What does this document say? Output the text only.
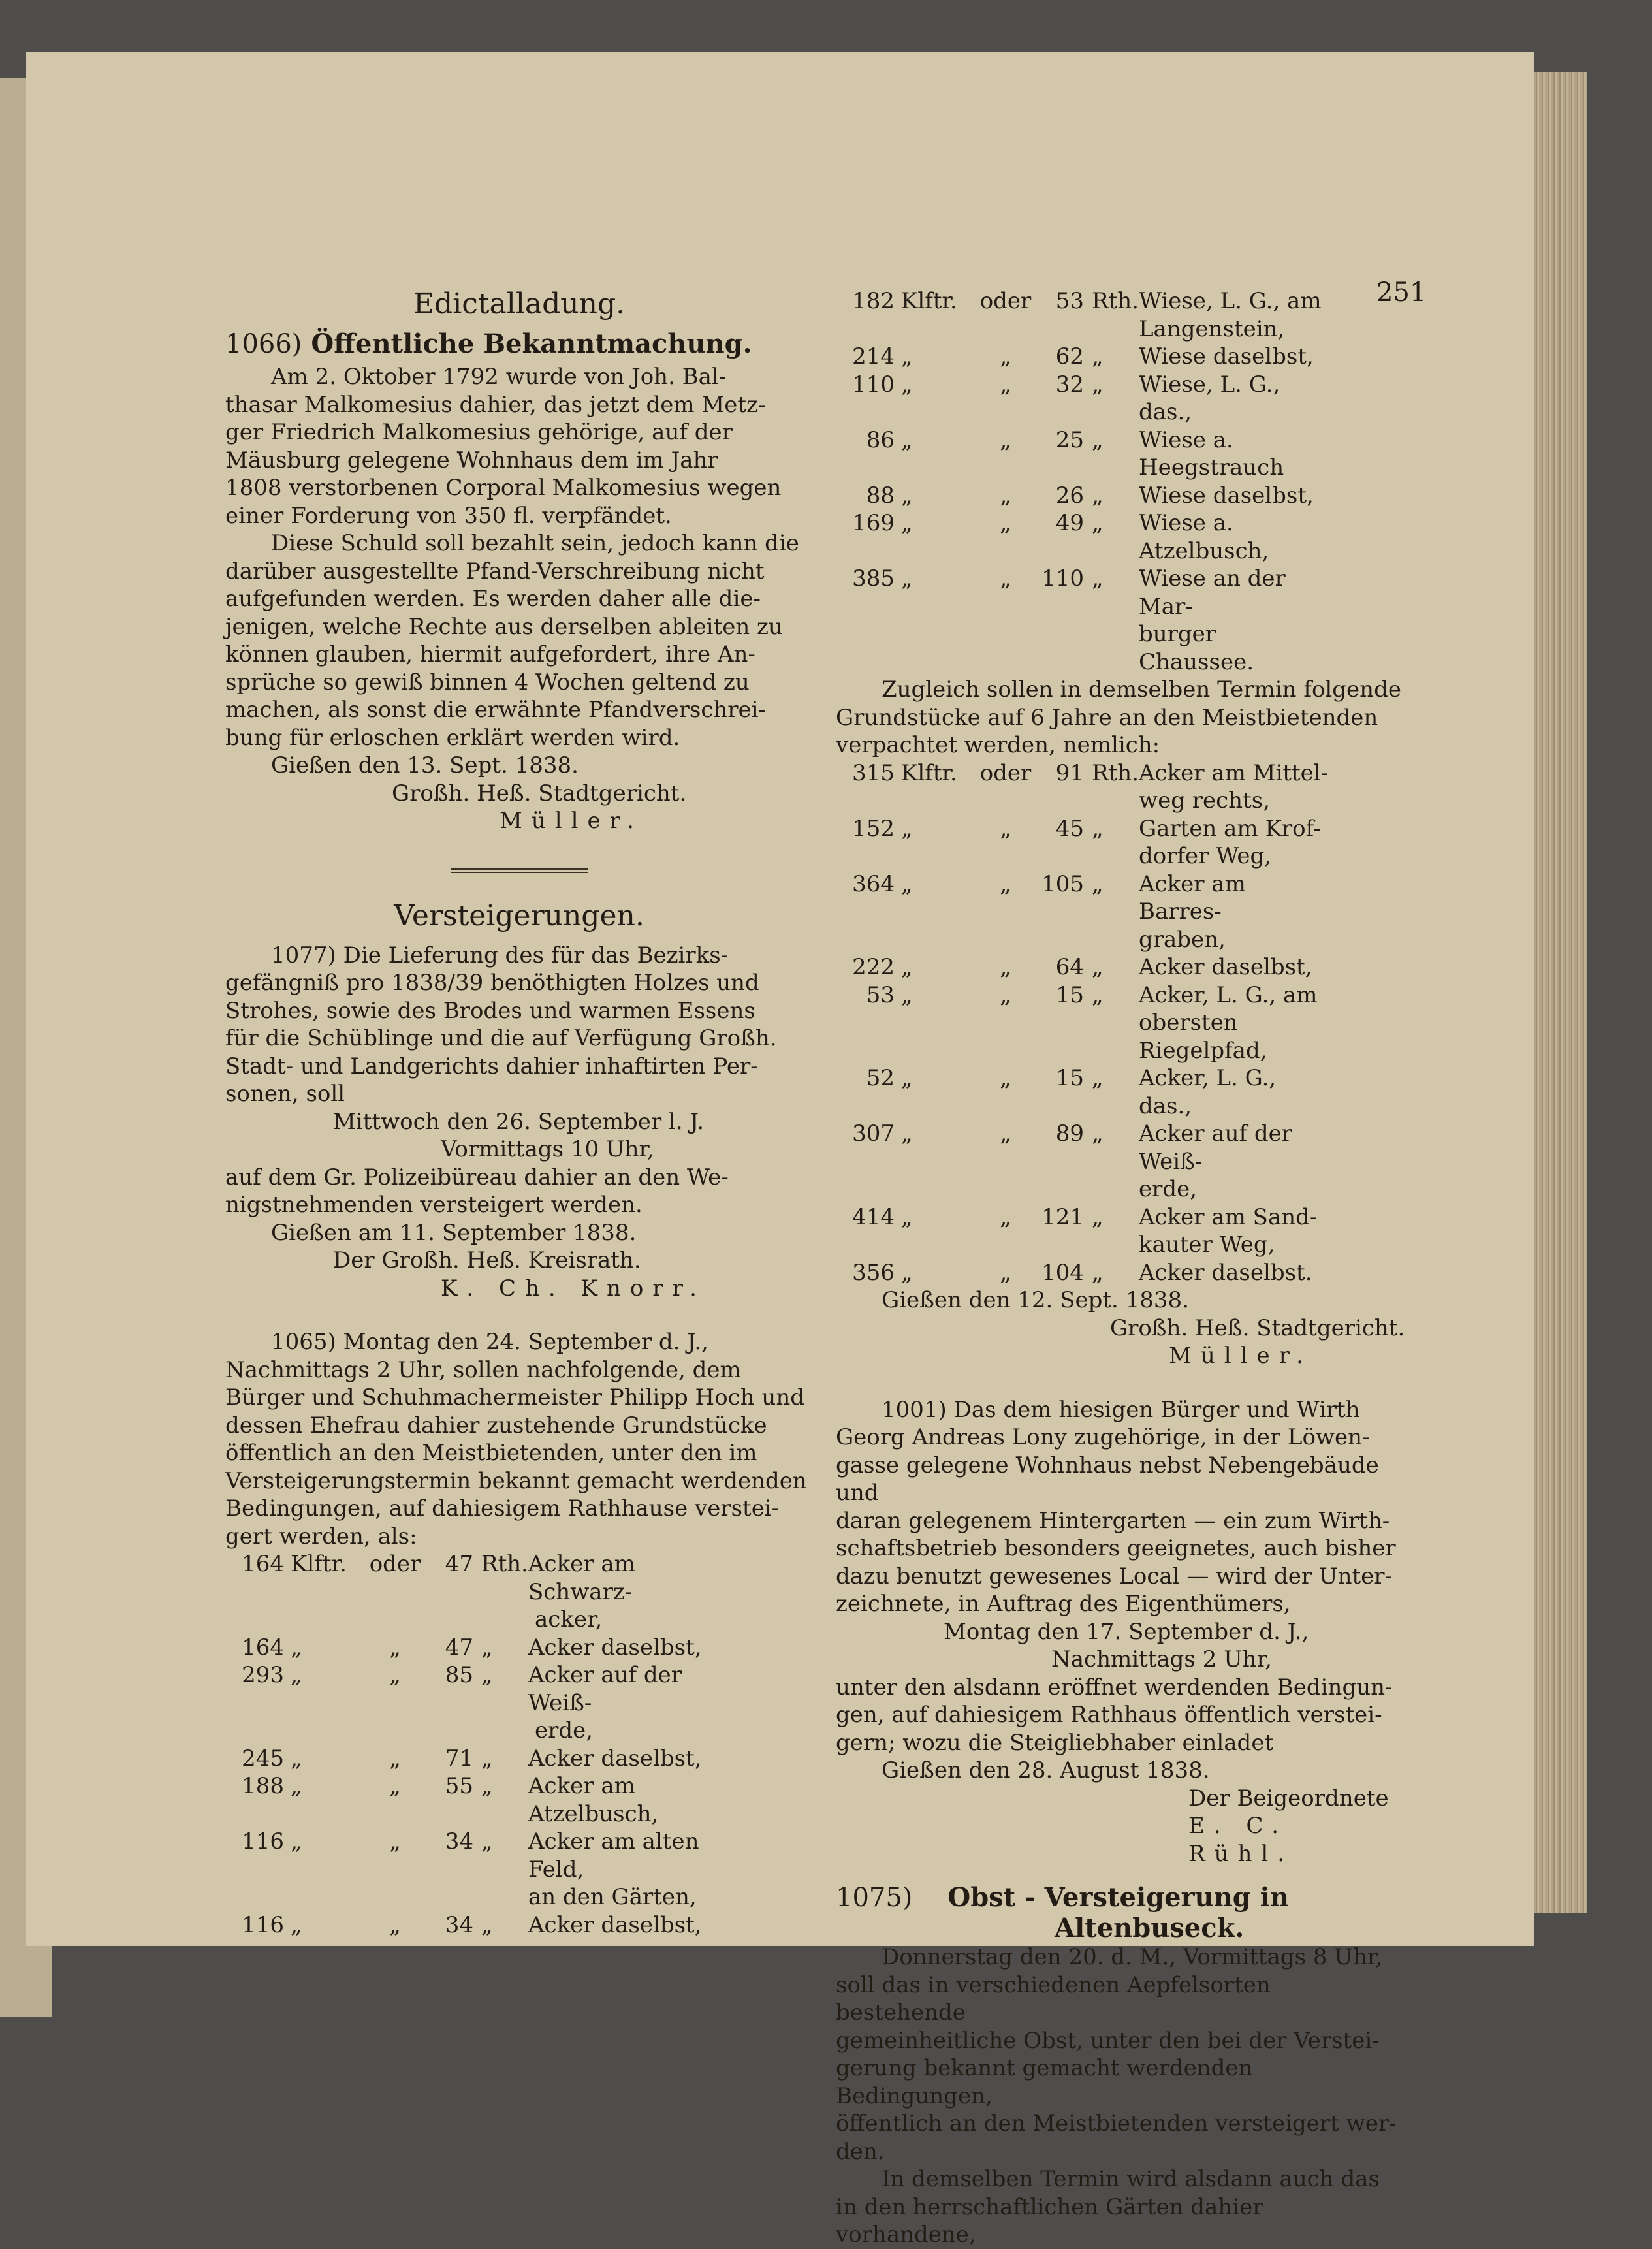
251
Edictalladung.
1066) Öffentliche Bekanntmachung.

Am 2. Oktober 1792 wurde von Joh. Bal-

thasar Malkomesius dahier, das jetzt dem Metz-

ger Friedrich Malkomesius gehörige, auf der

Mäusburg gelegene Wohnhaus dem im Jahr

1808 verstorbenen Corporal Malkomesius wegen

einer Forderung von 350 fl. verpfändet.

Diese Schuld soll bezahlt sein, jedoch kann die

darüber ausgestellte Pfand-Verschreibung nicht

aufgefunden werden. Es werden daher alle die-

jenigen, welche Rechte aus derselben ableiten zu

können glauben, hiermit aufgefordert, ihre An-

sprüche so gewiß binnen 4 Wochen geltend zu

machen, als sonst die erwähnte Pfandverschrei-

bung für erloschen erklärt werden wird.

Gießen den 13. Sept. 1838.

Großh. Heß. Stadtgericht.

Müller.

Versteigerungen.

1077) Die Lieferung des für das Bezirks-

gefängniß pro 1838/39 benöthigten Holzes und

Strohes, sowie des Brodes und warmen Essens

für die Schüblinge und die auf Verfügung Großh.

Stadt- und Landgerichts dahier inhaftirten Per-

sonen, soll

Mittwoch den 26. September l. J.

Vormittags 10 Uhr,

auf dem Gr. Polizeibüreau dahier an den We-

nigstnehmenden versteigert werden.

Gießen am 11. September 1838.

Der Großh. Heß. Kreisrath.

K. Ch. Knorr.

1065) Montag den 24. September d. J.,

Nachmittags 2 Uhr, sollen nachfolgende, dem

Bürger und Schuhmachermeister Philipp Hoch und

dessen Ehefrau dahier zustehende Grundstücke

öffentlich an den Meistbietenden, unter den im

Versteigerungstermin bekannt gemacht werdenden

Bedingungen, auf dahiesigem Rathhause verstei-

gert werden, als:

164	Klftr.	oder	47	Rth.	Acker am Schwarz-
acker,

164	„	„	47	„	Acker daselbst,

293	„	„	85	„	Acker auf der Weiß-
erde,

245	„	„	71	„	Acker daselbst,

188	„	„	55	„	Acker am Atzelbusch,

116	„	„	34	„	Acker am alten Feld,
an den Gärten,

116	„	„	34	„	Acker daselbst,
182	Klftr.	oder	53	Rth.	Wiese, L. G., am
Langenstein,

214	„	„	62	„	Wiese daselbst,

110	„	„	32	„	Wiese, L. G., das.,

86	„	„	25	„	Wiese a. Heegstrauch

88	„	„	26	„	Wiese daselbst,

169	„	„	49	„	Wiese a. Atzelbusch,

385	„	„	110	„	Wiese an der Mar-
burger Chaussee.

Zugleich sollen in demselben Termin folgende

Grundstücke auf 6 Jahre an den Meistbietenden

verpachtet werden, nemlich:

315	Klftr.	oder	91	Rth.	Acker am Mittel-
weg rechts,

152	„	„	45	„	Garten am Krof-
dorfer Weg,

364	„	„	105	„	Acker am Barres-
graben,

222	„	„	64	„	Acker daselbst,

53	„	„	15	„	Acker, L. G., am
obersten Riegelpfad,

52	„	„	15	„	Acker, L. G., das.,

307	„	„	89	„	Acker auf der Weiß-
erde,

414	„	„	121	„	Acker am Sand-
kauter Weg,

356	„	„	104	„	Acker daselbst.

Gießen den 12. Sept. 1838.

Großh. Heß. Stadtgericht.

Müller.

1001) Das dem hiesigen Bürger und Wirth

Georg Andreas Lony zugehörige, in der Löwen-

gasse gelegene Wohnhaus nebst Nebengebäude und

daran gelegenem Hintergarten — ein zum Wirth-

schaftsbetrieb besonders geeignetes, auch bisher

dazu benutzt gewesenes Local — wird der Unter-

zeichnete, in Auftrag des Eigenthümers,

Montag den 17. September d. J.,

Nachmittags 2 Uhr,

unter den alsdann eröffnet werdenden Bedingun-

gen, auf dahiesigem Rathhaus öffentlich verstei-

gern; wozu die Steigliebhaber einladet

Gießen den 28. August 1838.

Der Beigeordnete

E. C. Rühl.

1075) Obst - Versteigerung in
Altenbuseck.

Donnerstag den 20. d. M., Vormittags 8 Uhr,

soll das in verschiedenen Aepfelsorten bestehende

gemeinheitliche Obst, unter den bei der Verstei-

gerung bekannt gemacht werdenden Bedingungen,

öffentlich an den Meistbietenden versteigert wer-

den.

In demselben Termin wird alsdann auch das

in den herrschaftlichen Gärten dahier vorhandene,
